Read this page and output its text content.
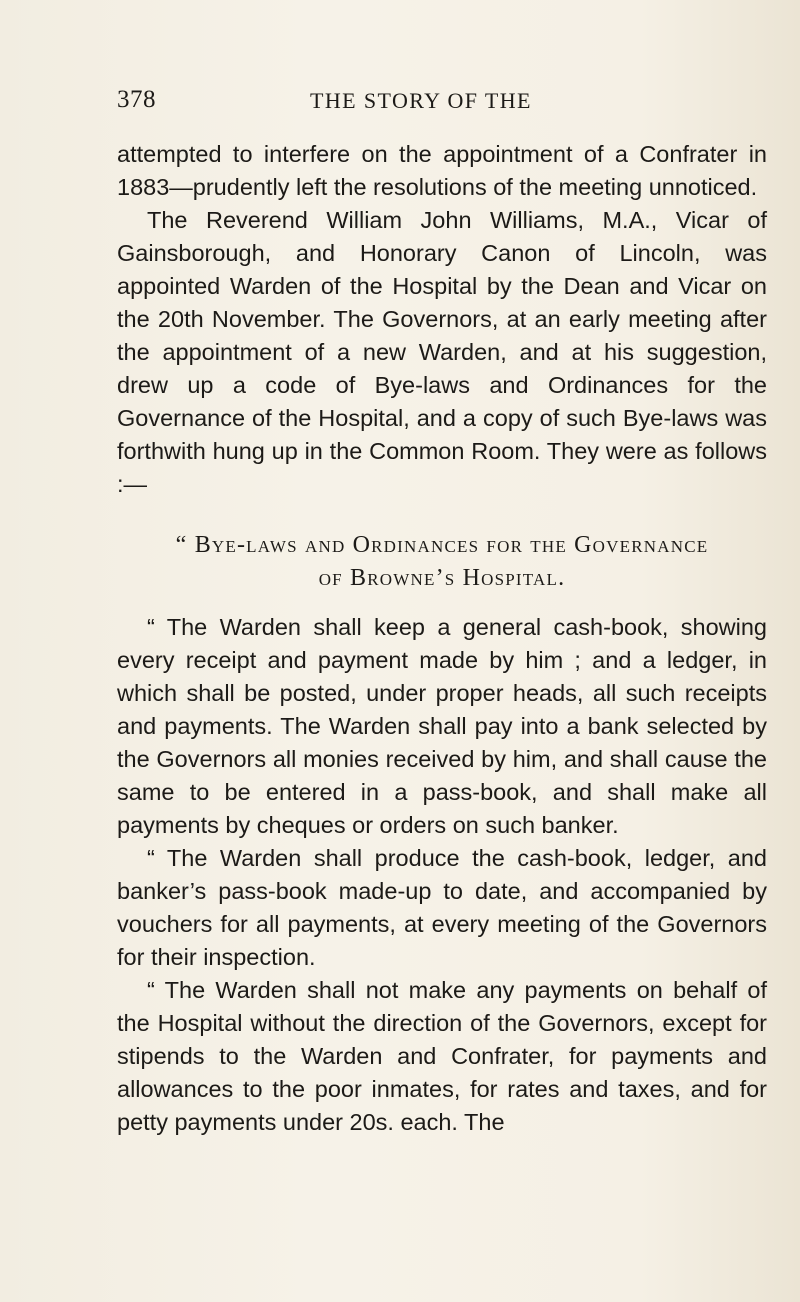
378	THE STORY OF THE

attempted to interfere on the appointment of a Confrater in 1883—prudently left the resolutions of the meeting unnoticed.

The Reverend William John Williams, M.A., Vicar of Gainsborough, and Honorary Canon of Lincoln, was appointed Warden of the Hospital by the Dean and Vicar on the 20th November. The Governors, at an early meeting after the appointment of a new Warden, and at his suggestion, drew up a code of Bye-laws and Ordinances for the Governance of the Hospital, and a copy of such Bye-laws was forthwith hung up in the Common Room. They were as follows :—

“ Bye-laws and Ordinances for the Governance
of Browne’s Hospital.

“ The Warden shall keep a general cash-book, showing every receipt and payment made by him ; and a ledger, in which shall be posted, under proper heads, all such receipts and payments. The Warden shall pay into a bank selected by the Governors all monies received by him, and shall cause the same to be entered in a pass-book, and shall make all payments by cheques or orders on such banker.

“ The Warden shall produce the cash-book, ledger, and banker’s pass-book made-up to date, and accompanied by vouchers for all payments, at every meeting of the Governors for their inspection.

“ The Warden shall not make any payments on behalf of the Hospital without the direction of the Governors, except for stipends to the Warden and Confrater, for payments and allowances to the poor inmates, for rates and taxes, and for petty payments under 20s. each. The
